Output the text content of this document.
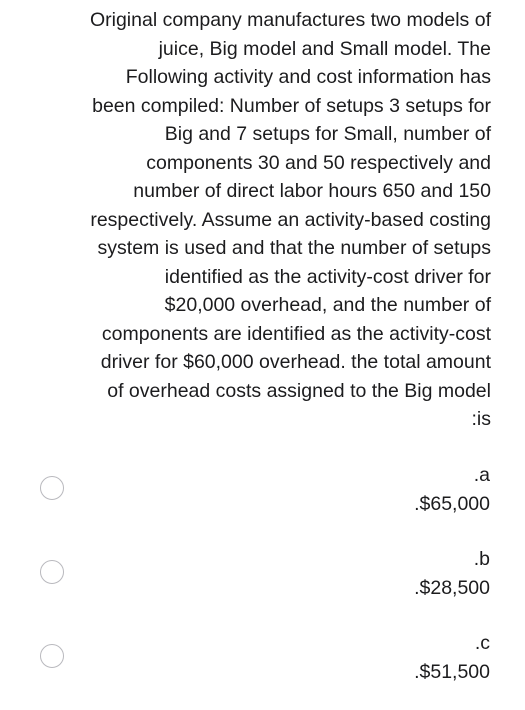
Original company manufactures two models of
juice, Big model and Small model. The
Following activity and cost information has
been compiled: Number of setups 3 setups for
Big and 7 setups for Small, number of
components 30 and 50 respectively and
number of direct labor hours 650 and 150
respectively. Assume an activity-based costing
system is used and that the number of setups
identified as the activity-cost driver for
$20,000 overhead, and the number of
components are identified as the activity-cost
driver for $60,000 overhead. the total amount
of overhead costs assigned to the Big model
:is
.a
.$65,000
.b
.$28,500
.c
.$51,500
